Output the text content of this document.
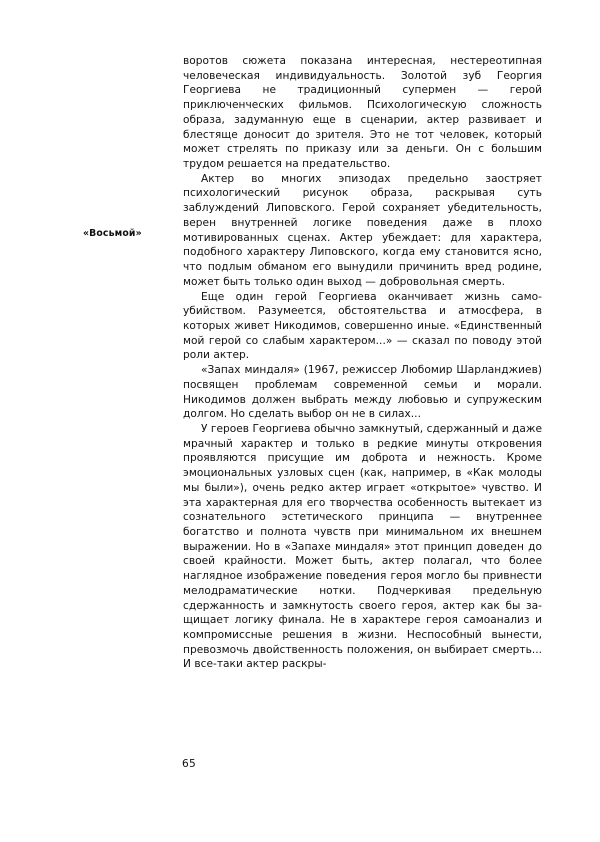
«Восьмой»

воротов сюжета показана интересная, нестереотипная человеческая индивидуальность. Золотой зуб Георгия Георгиева не традиционный супермен — герой приключенческих фильмов. Психологическую сложность образа, задуманную еще в сценарии, актер развивает и блестяще доносит до зрителя. Это не тот человек, который может стрелять по приказу или за деньги. Он с большим трудом решается на предательство.

Актер во многих эпизодах предельно заостряет психологический рисунок образа, раскрывая суть заблуждений Липовского. Герой сохраняет убедительность, верен внутренней логике поведения даже в плохо мотивированных сценах. Актер убеждает: для характера, подобного характеру Липовского, когда ему становится ясно, что подлым обманом его вынудили причинить вред родине, может быть только один выход — добровольная смерть.

Еще один герой Георгиева оканчивает жизнь самоубийством. Разумеется, обстоятельства и атмосфера, в которых живет Никодимов, совершенно иные. «Единственный мой герой со слабым характером...» — сказал по поводу этой роли актер.

«Запах миндаля» (1967, режиссер Любомир Шарланджиев) посвящен проблемам современной семьи и морали. Никодимов должен выбрать между любовью и супружеским долгом. Но сделать выбор он не в силах...

У героев Георгиева обычно замкнутый, сдержанный и даже мрачный характер и только в редкие минуты откровения проявляются присущие им доброта и нежность. Кроме эмоциональных узловых сцен (как, например, в «Как молоды мы были»), очень редко актер играет «открытое» чувство. И эта характерная для его творчества особенность вытекает из сознательного эстетического принципа — внутреннее богатство и полнота чувств при минимальном их внешнем выражении. Но в «Запахе миндаля» этот принцип доведен до своей крайности. Может быть, актер полагал, что более наглядное изображение поведения героя могло бы привнести мелодраматические нотки. Подчеркивая предельную сдержанность и замкнутость своего героя, актер как бы защищает логику финала. Не в характере героя самоанализ и компромиссные решения в жизни. Неспособный вынести, превозмочь двойственность положения, он выбирает смерть... И все-таки актер раскры-

65
